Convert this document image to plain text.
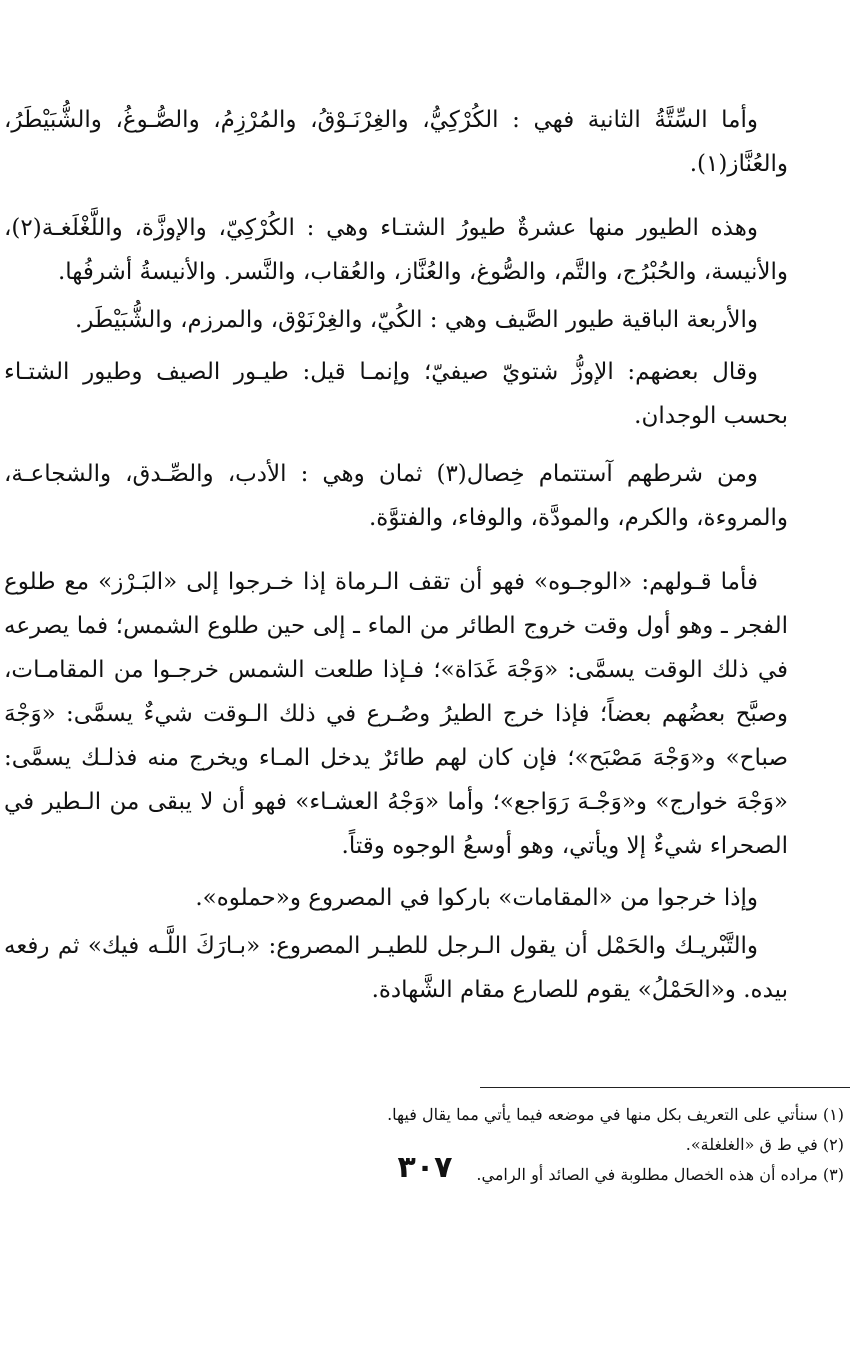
وأما السِّتَّةُ الثانية فهي : الكُرْكِيُّ، والغِرْنَـوْقُ، والمُرْزِمُ، والصُّـوغُ، والشُّبَيْطَرُ، والعُنَّاز(١).

وهذه الطيور منها عشرةٌ طيورُ الشتـاء وهي : الكُرْكِيّ، والإوزَّة، واللَّغْلَغـة(٢)، والأنيسة، والحُبْرُج، والتَّم، والصُّوغ، والعُنَّاز، والعُقاب، والنَّسر. والأنيسةُ أشرفُها.

والأربعة الباقية طيور الصَّيف وهي : الكُيّ، والغِرْنَوْق، والمرزم، والشُّبَيْطَر.

وقال بعضهم: الإوزُّ شتويّ صيفيّ؛ وإنمـا قيل: طيـور الصيف وطيور الشتـاء بحسب الوجدان.

ومن شرطهم آستتمام خِصال(٣) ثمان وهي : الأدب، والصِّـدق، والشجاعـة، والمروءة، والكرم، والمودَّة، والوفاء، والفتوَّة.

فأما قـولهم: «الوجـوه» فهو أن تقف الـرماة إذا خـرجوا إلى «البَـرْز» مع طلوع الفجر ـ وهو أول وقت خروج الطائر من الماء ـ إلى حين طلوع الشمس؛ فما يصرعه في ذلك الوقت يسمَّى: «وَجْهَ غَدَاة»؛ فـإذا طلعت الشمس خرجـوا من المقامـات، وصبَّح بعضُهم بعضاً؛ فإذا خرج الطيرُ وصُـرع في ذلك الـوقت شيءٌ يسمَّى: «وَجْهَ صباح» و«وَجْهَ مَصْبَح»؛ فإن كان لهم طائرٌ يدخل المـاء ويخرج منه فذلـك يسمَّى: «وَجْهَ خوارج» و«وَجْـهَ رَوَاجع»؛ وأما «وَجْهُ العشـاء» فهو أن لا يبقى من الـطير في الصحراء شيءٌ إلا ويأتي، وهو أوسعُ الوجوه وقتاً.

وإذا خرجوا من «المقامات» باركوا في المصروع و«حملوه».

والتَّبْريـك والحَمْل أن يقول الـرجل للطيـر المصروع: «بـارَكَ اللَّـه فيك» ثم رفعه بيده. و«الحَمْلُ» يقوم للصارع مقام الشَّهادة.

(١) سنأتي على التعريف بكل منها في موضعه فيما يأتي مما يقال فيها.

(٢) في ط ق «الغلغلة».

(٣) مراده أن هذه الخصال مطلوبة في الصائد أو الرامي.

٣٠٧
